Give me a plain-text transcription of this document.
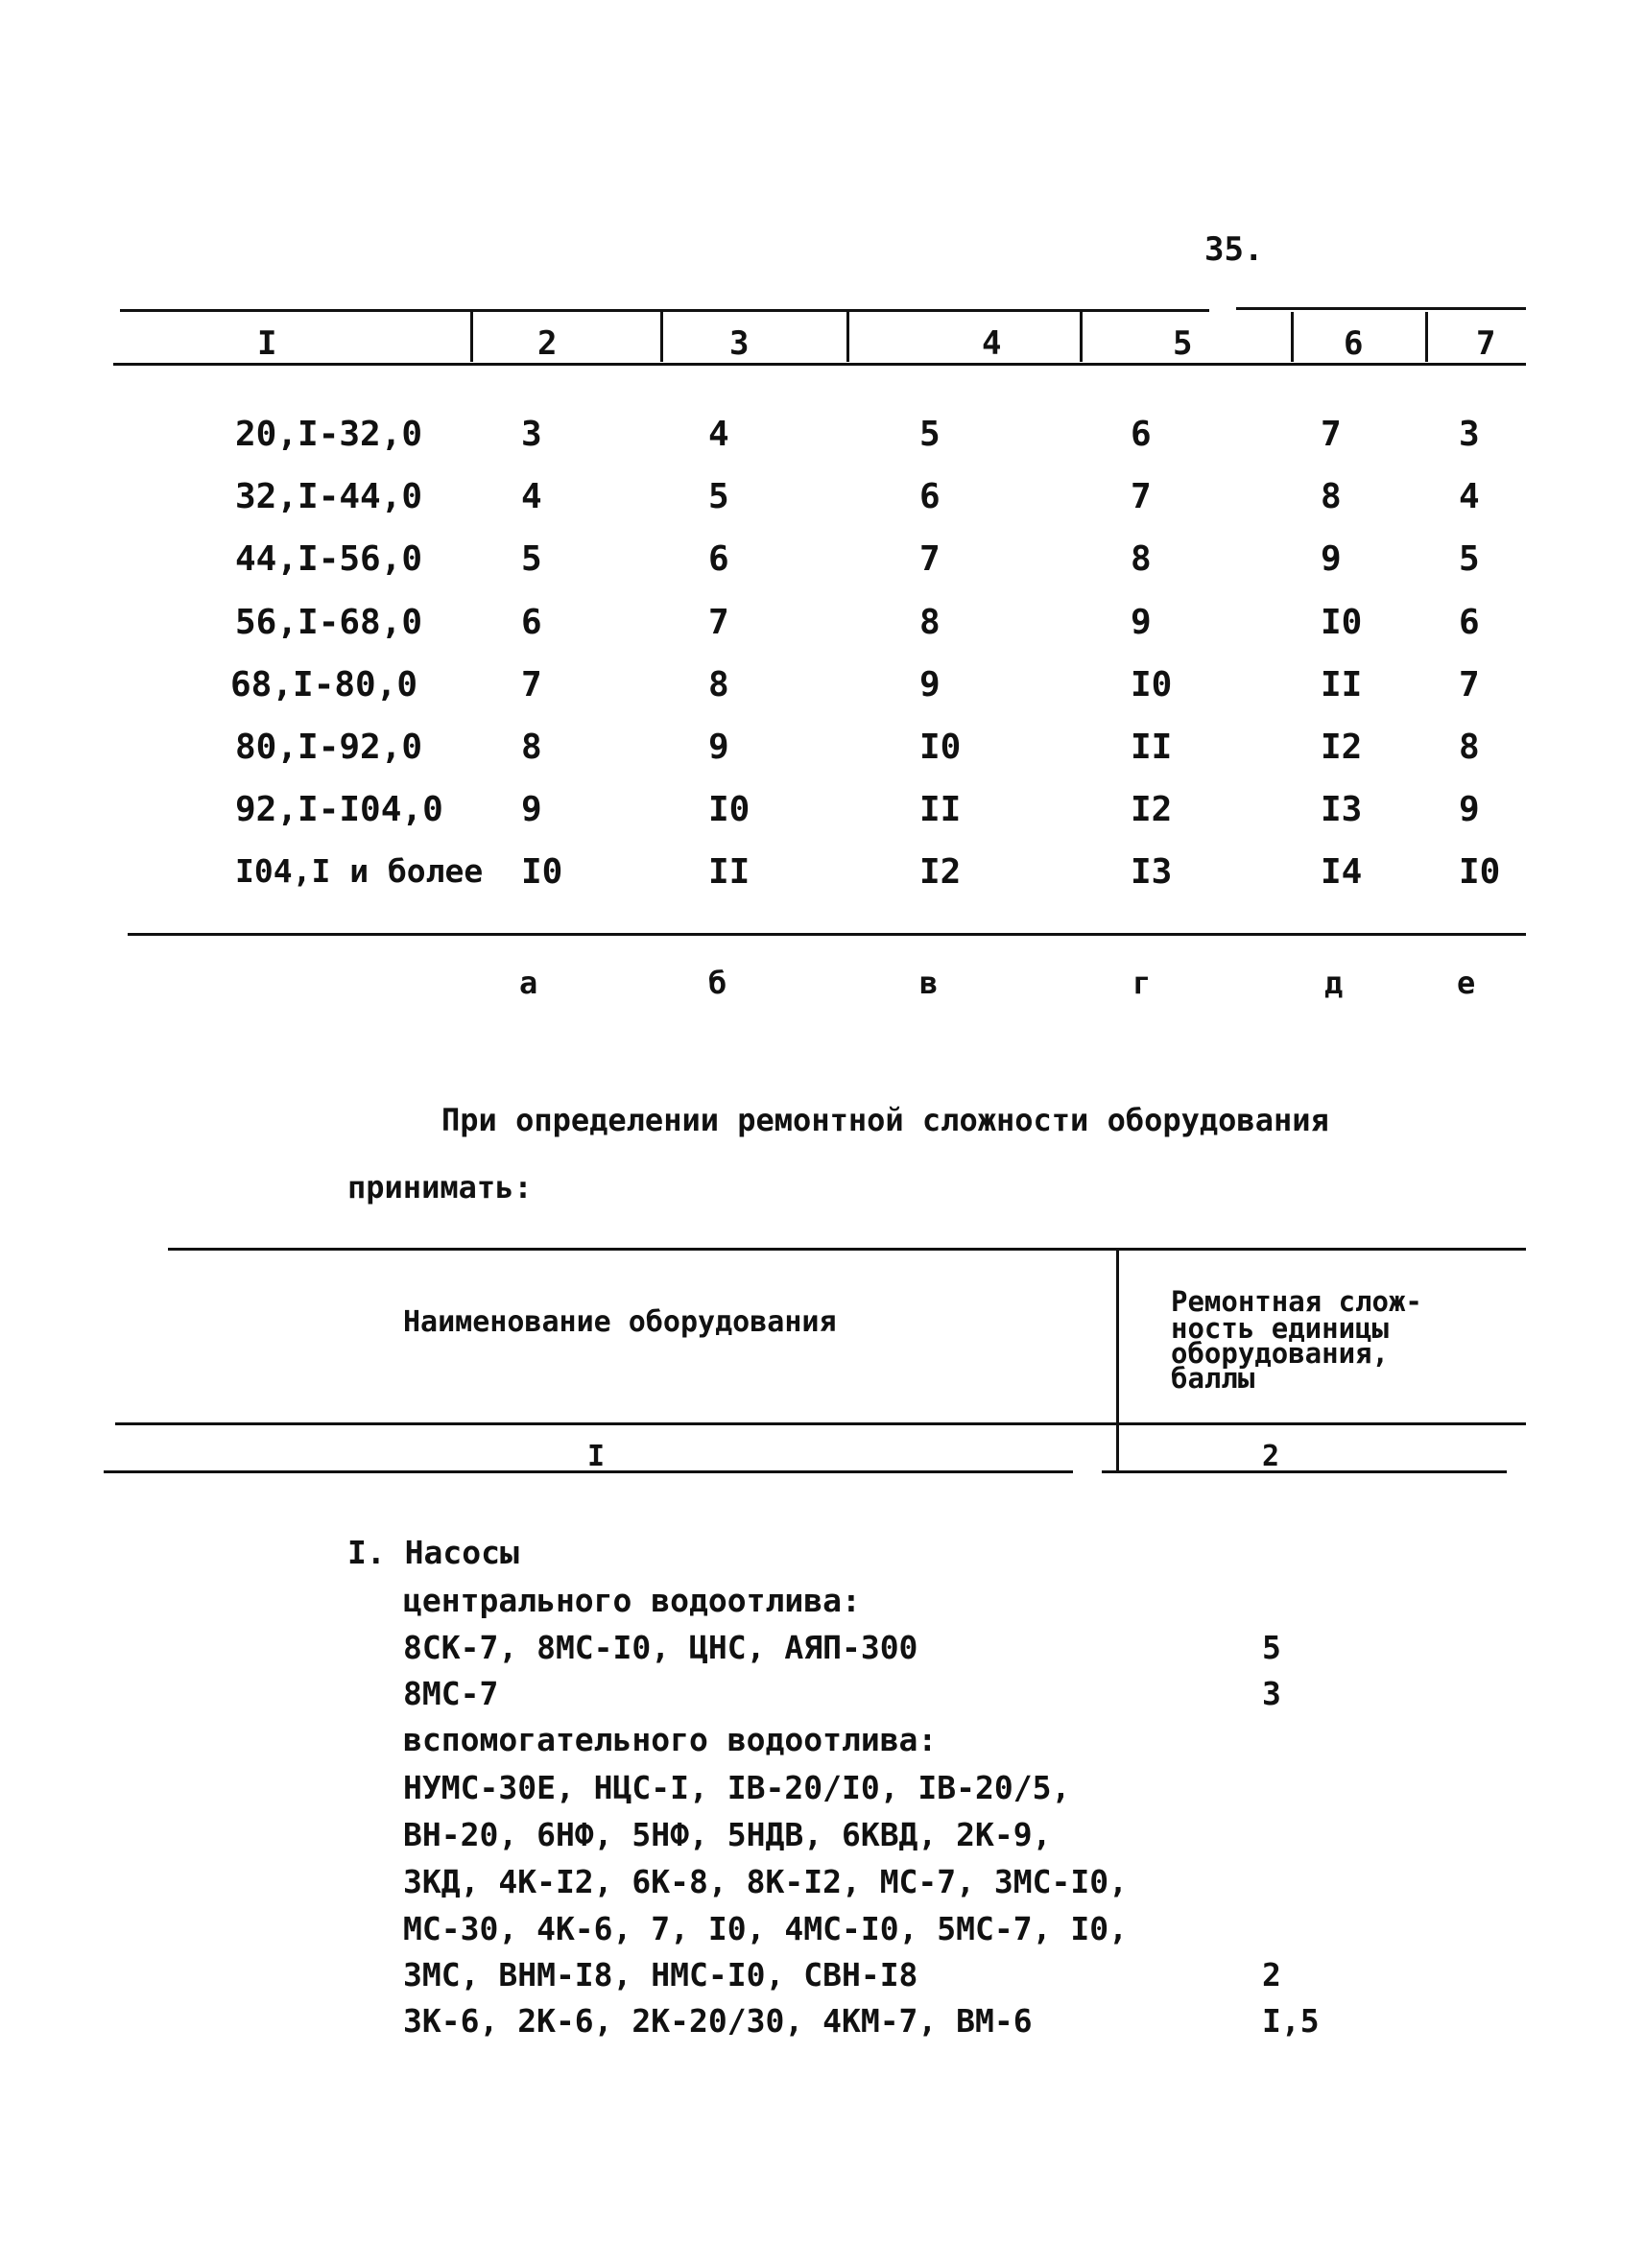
35.
I	2	3	4	5	6	7
20,I-32,0	3	4	5	6	7	3
32,I-44,0	4	5	6	7	8	4
44,I-56,0	5	6	7	8	9	5
56,I-68,0	6	7	8	9	I0	6
68,I-80,0	7	8	9	I0	II	7
80,I-92,0	8	9	I0	II	I2	8
92,I-I04,0 9	I0	II	I2	I3	9
I04,I и более I0	II	I2	I3	I4	I0
а	б	в	г	д	е
При определении ремонтной сложности оборудования
принимать:
Наименование оборудования
Ремонтная слож-
ность единицы
оборудования,
баллы
I	2
I. Насосы
центрального водоотлива:
8СК-7, 8МС-I0, ЦНС, АЯП-300	5
8МС-7	3
вспомогательного водоотлива:
НУМС-30Е, НЦС-I, IВ-20/I0, IВ-20/5,
ВН-20, 6НФ, 5НФ, 5НДВ, 6КВД, 2К-9,
3КД, 4К-I2, 6К-8, 8К-I2, МС-7, 3МС-I0,
МС-30, 4К-6, 7, I0, 4МС-I0, 5МС-7, I0,
3МС, ВНМ-I8, НМС-I0, СВН-I8	2
3К-6, 2К-6, 2К-20/30, 4КМ-7, ВМ-6	I,5
